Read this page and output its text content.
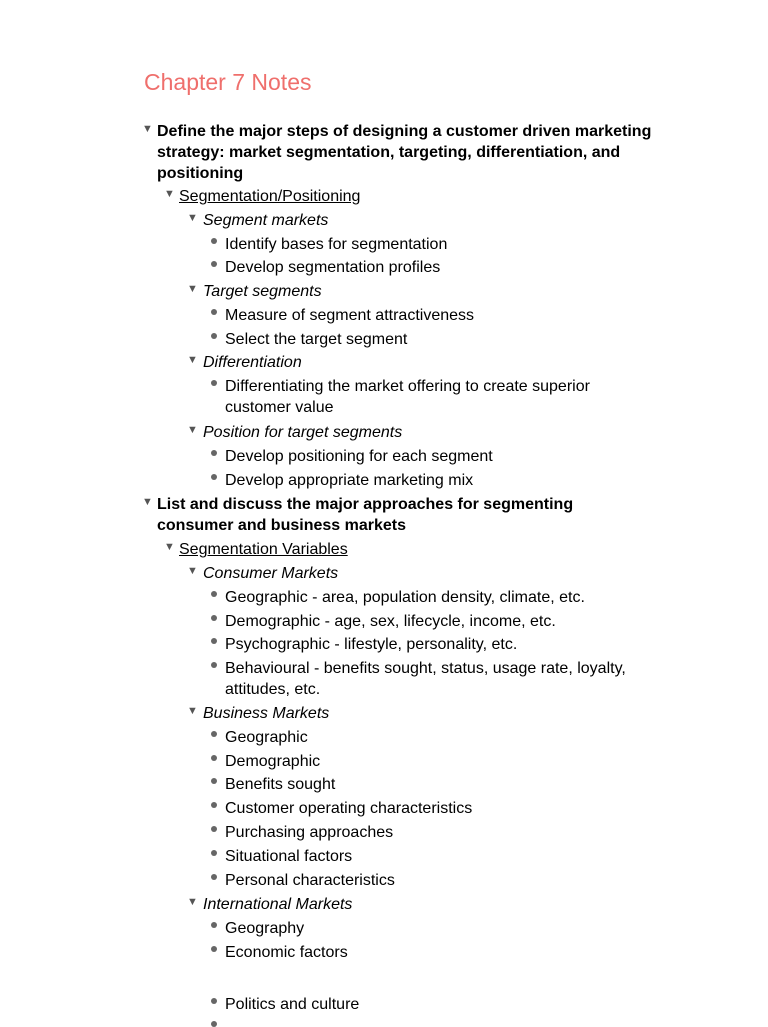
Chapter 7 Notes
▼ Define the major steps of designing a customer driven marketing
strategy: market segmentation, targeting, differentiation, and
positioning
▼ Segmentation/Positioning
▼ Segment markets
Identify bases for segmentation
Develop segmentation profiles
▼ Target segments
Measure of segment attractiveness
Select the target segment
▼ Differentiation
Differentiating the market offering to create superior
customer value
▼ Position for target segments
Develop positioning for each segment
Develop appropriate marketing mix
▼ List and discuss the major approaches for segmenting
consumer and business markets
▼ Segmentation Variables
▼ Consumer Markets
Geographic - area, population density, climate, etc.
Demographic - age, sex, lifecycle, income, etc.
Psychographic - lifestyle, personality, etc.
Behavioural - benefits sought, status, usage rate, loyalty,
attitudes, etc.
▼ Business Markets
Geographic
Demographic
Benefits sought
Customer operating characteristics
Purchasing approaches
Situational factors
Personal characteristics
▼ International Markets
Geography
Economic factors
Politics and culture
